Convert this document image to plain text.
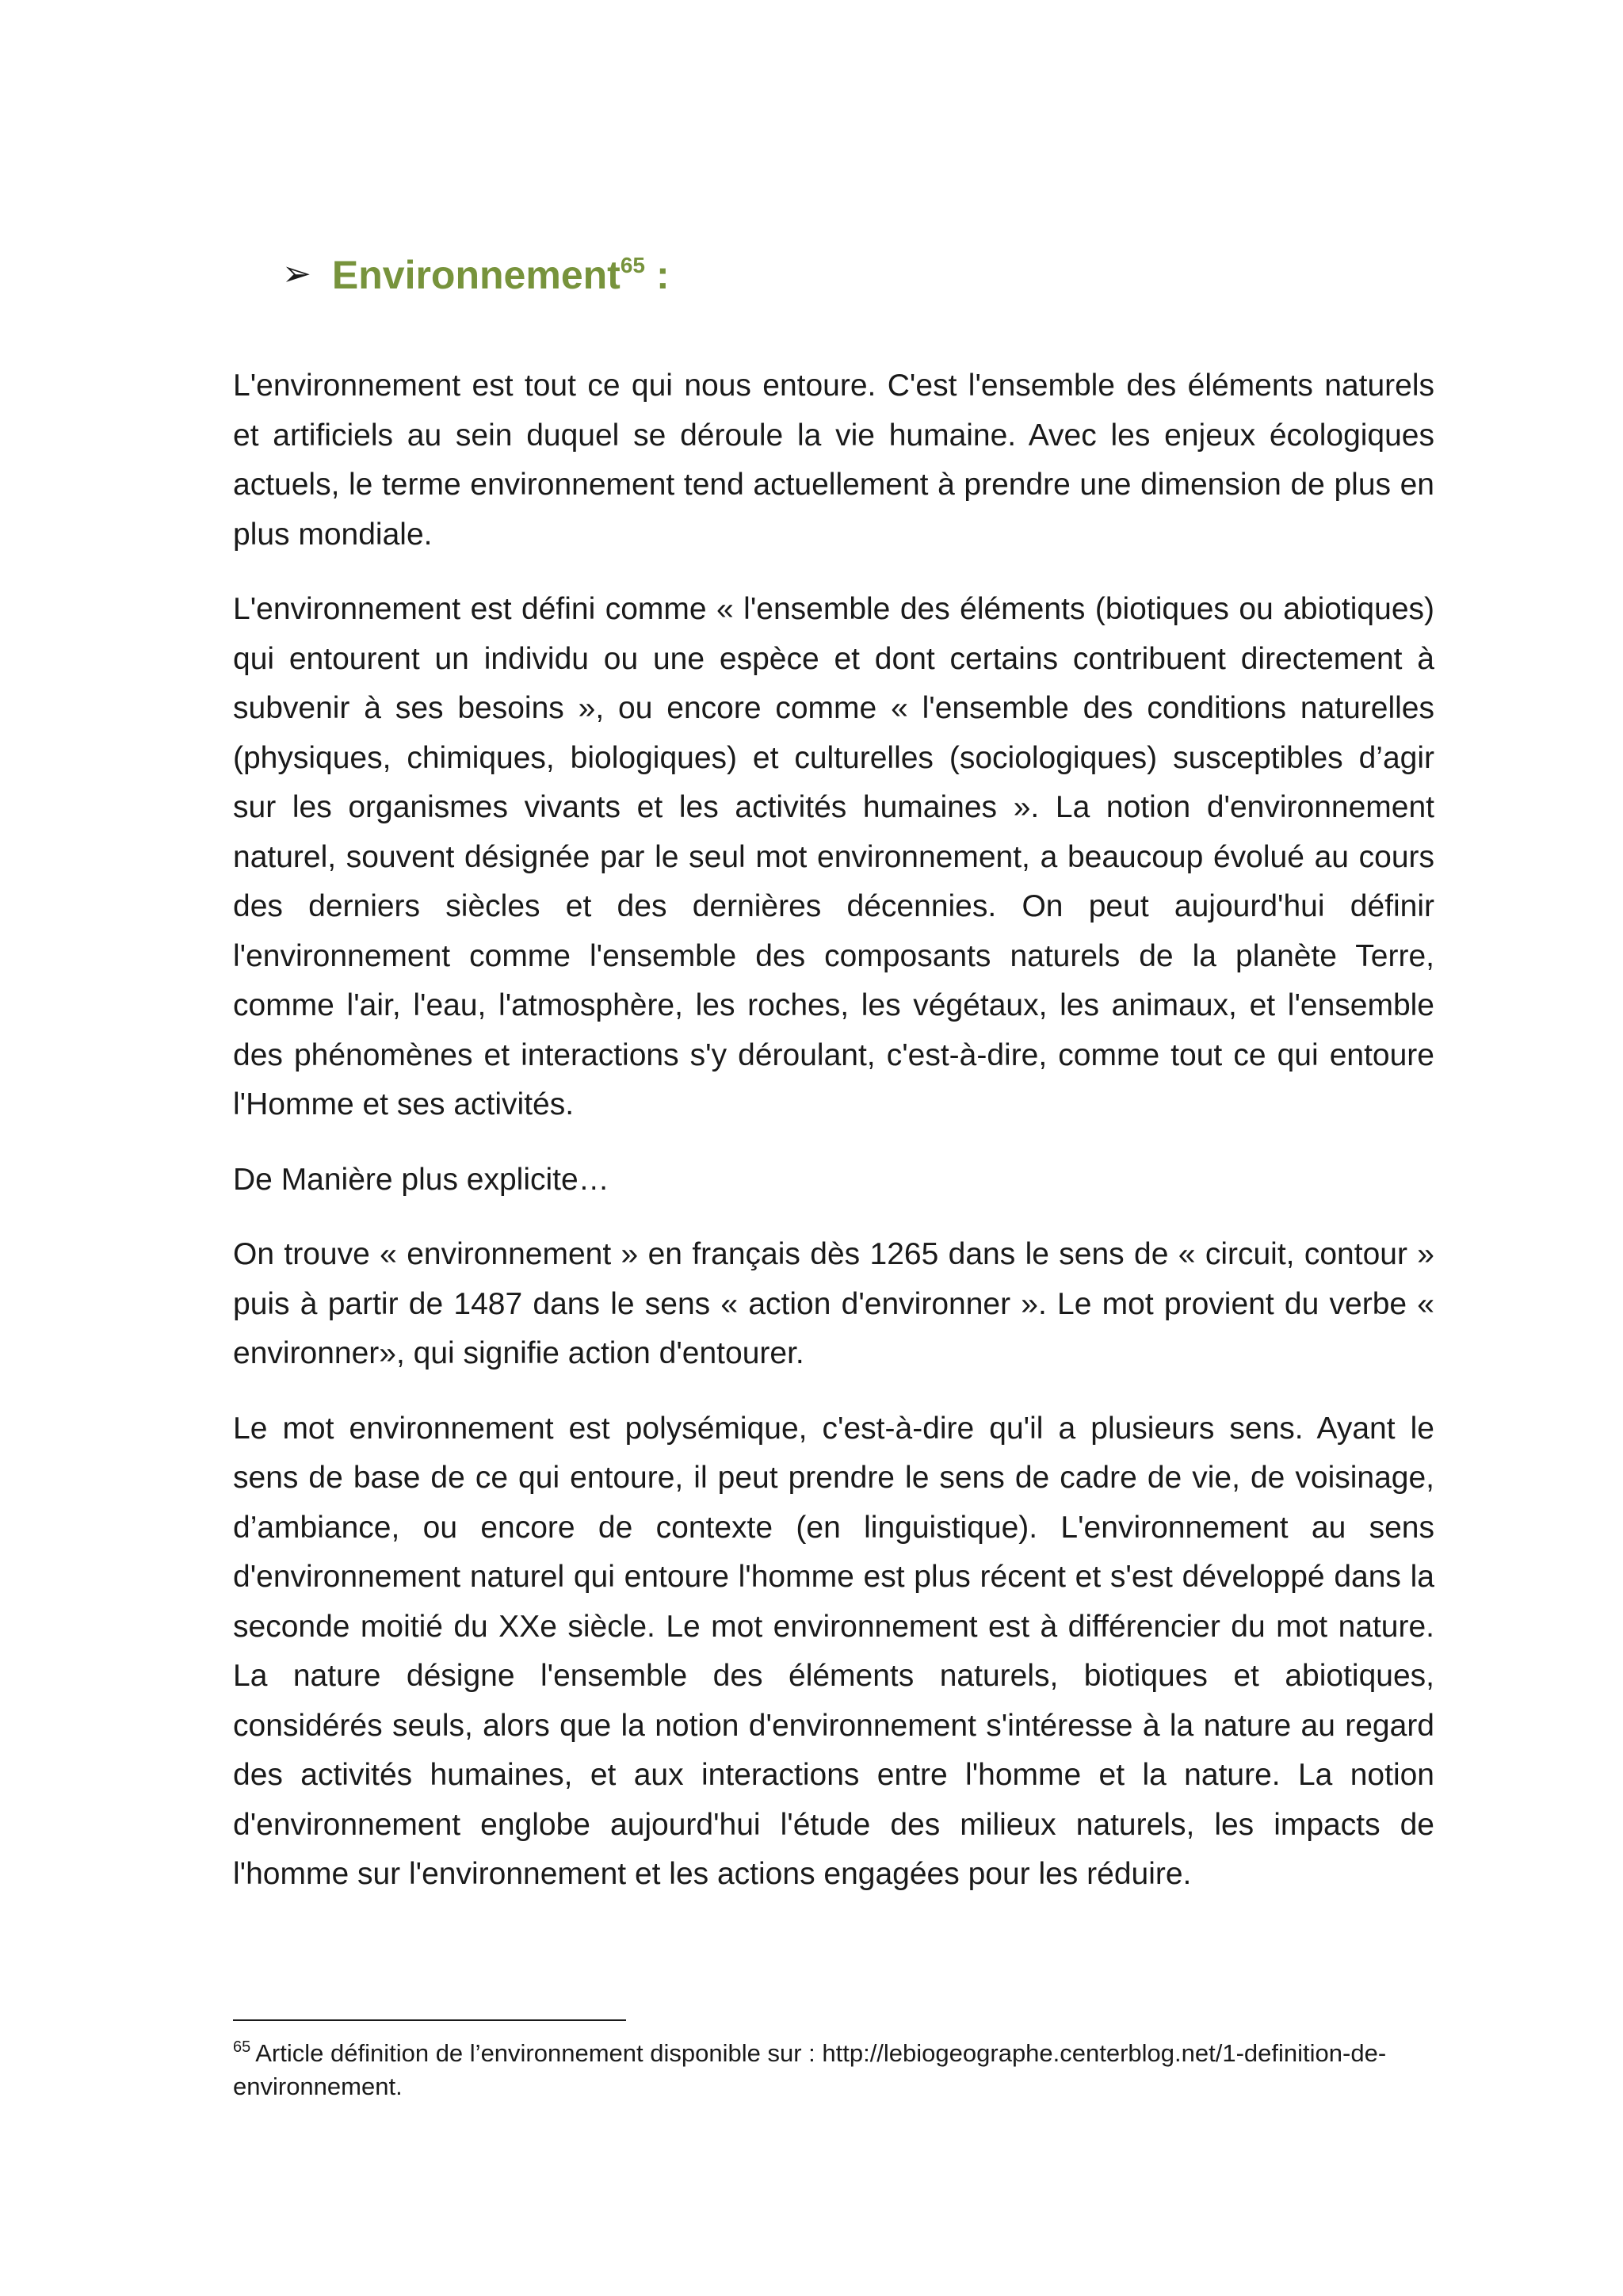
➢ Environnement$^{65}$ :

L'environnement est tout ce qui nous entoure. C'est l'ensemble des éléments naturels et artificiels au sein duquel se déroule la vie humaine. Avec les enjeux écologiques actuels, le terme environnement tend actuellement à prendre une dimension de plus en plus mondiale.

L'environnement est défini comme « l'ensemble des éléments (biotiques ou abiotiques) qui entourent un individu ou une espèce et dont certains contribuent directement à subvenir à ses besoins », ou encore comme « l'ensemble des conditions naturelles (physiques, chimiques, biologiques) et culturelles (sociologiques) susceptibles d’agir sur les organismes vivants et les activités humaines ». La notion d'environnement naturel, souvent désignée par le seul mot environnement, a beaucoup évolué au cours des derniers siècles et des dernières décennies. On peut aujourd'hui définir l'environnement comme l'ensemble des composants naturels de la planète Terre, comme l'air, l'eau, l'atmosphère, les roches, les végétaux, les animaux, et l'ensemble des phénomènes et interactions s'y déroulant, c'est-à-dire, comme tout ce qui entoure l'Homme et ses activités.

De Manière plus explicite…

On trouve « environnement » en français dès 1265 dans le sens de « circuit, contour » puis à partir de 1487 dans le sens « action d'environner ». Le mot provient du verbe « environner», qui signifie action d'entourer.

Le mot environnement est polysémique, c'est-à-dire qu'il a plusieurs sens. Ayant le sens de base de ce qui entoure, il peut prendre le sens de cadre de vie, de voisinage, d’ambiance, ou encore de contexte (en linguistique). L'environnement au sens d'environnement naturel qui entoure l'homme est plus récent et s'est développé dans la seconde moitié du XXe siècle. Le mot environnement est à différencier du mot nature. La nature désigne l'ensemble des éléments naturels, biotiques et abiotiques, considérés seuls, alors que la notion d'environnement s'intéresse à la nature au regard des activités humaines, et aux interactions entre l'homme et la nature. La notion d'environnement englobe aujourd'hui l'étude des milieux naturels, les impacts de l'homme sur l'environnement et les actions engagées pour les réduire.

$^{65}$ Article définition de l’environnement disponible sur : http://lebiogeographe.centerblog.net/1-definition-de-environnement.
